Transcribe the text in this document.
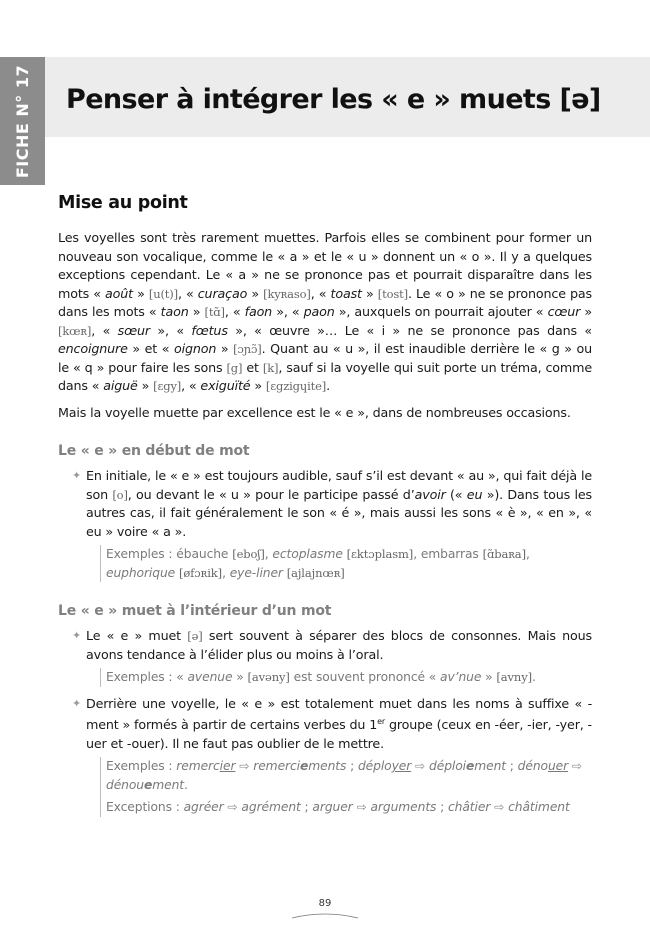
FICHE N° 17 Penser à intégrer les « e » muets [ə]
Mise au point

Les voyelles sont très rarement muettes. Parfois elles se combinent pour former un nouveau son vocalique, comme le « a » et le « u » donnent un « o ». Il y a quelques exceptions cependant. Le « a » ne se prononce pas et pourrait disparaître dans les mots « août » [u(t)], « curaçao » [kyʀaso], « toast » [tost]. Le « o » ne se prononce pas dans les mots « taon » [tɑ̃], « faon », « paon », auxquels on pourrait ajouter « cœur » [kœʀ], « sœur », « fœtus », « œuvre »… Le « i » ne se prononce pas dans « encoignure » et « oignon » [ɔɲɔ̃]. Quant au « u », il est inaudible derrière le « g » ou le « q » pour faire les sons [g] et [k], sauf si la voyelle qui suit porte un tréma, comme dans « aiguë » [ɛgy], « exiguïté » [ɛgzigɥite].

Mais la voyelle muette par excellence est le « e », dans de nombreuses occasions.

Le « e » en début de mot
✦ En initiale, le « e » est toujours audible, sauf s’il est devant « au », qui fait déjà le son [o], ou devant le « u » pour le participe passé d’avoir (« eu »). Dans tous les autres cas, il fait généralement le son « é », mais aussi les sons « è », « en », « eu » voire « a ».
Exemples : ébauche [eboʃ], ectoplasme [ɛktɔplasm], embarras [ɑ̃baʀa], euphorique [øfɔʀik], eye-liner [ajlajnœʀ]
Le « e » muet à l’intérieur d’un mot
✦ Le « e » muet [ə] sert souvent à séparer des blocs de consonnes. Mais nous avons tendance à l’élider plus ou moins à l’oral.
Exemples : « avenue » [avəny] est souvent prononcé « av’nue » [avny].
✦ Derrière une voyelle, le « e » est totalement muet dans les noms à suffixe « -ment » formés à partir de certains verbes du 1er groupe (ceux en -éer, -ier, -yer, -uer et -ouer). Il ne faut pas oublier de le mettre.
Exemples : remercier ⇨ remerciements ; déployer ⇨ déploiement ; dénouer ⇨ dénouement.
Exceptions : agréer ⇨ agrément ; arguer ⇨ arguments ; châtier ⇨ châtiment
89
